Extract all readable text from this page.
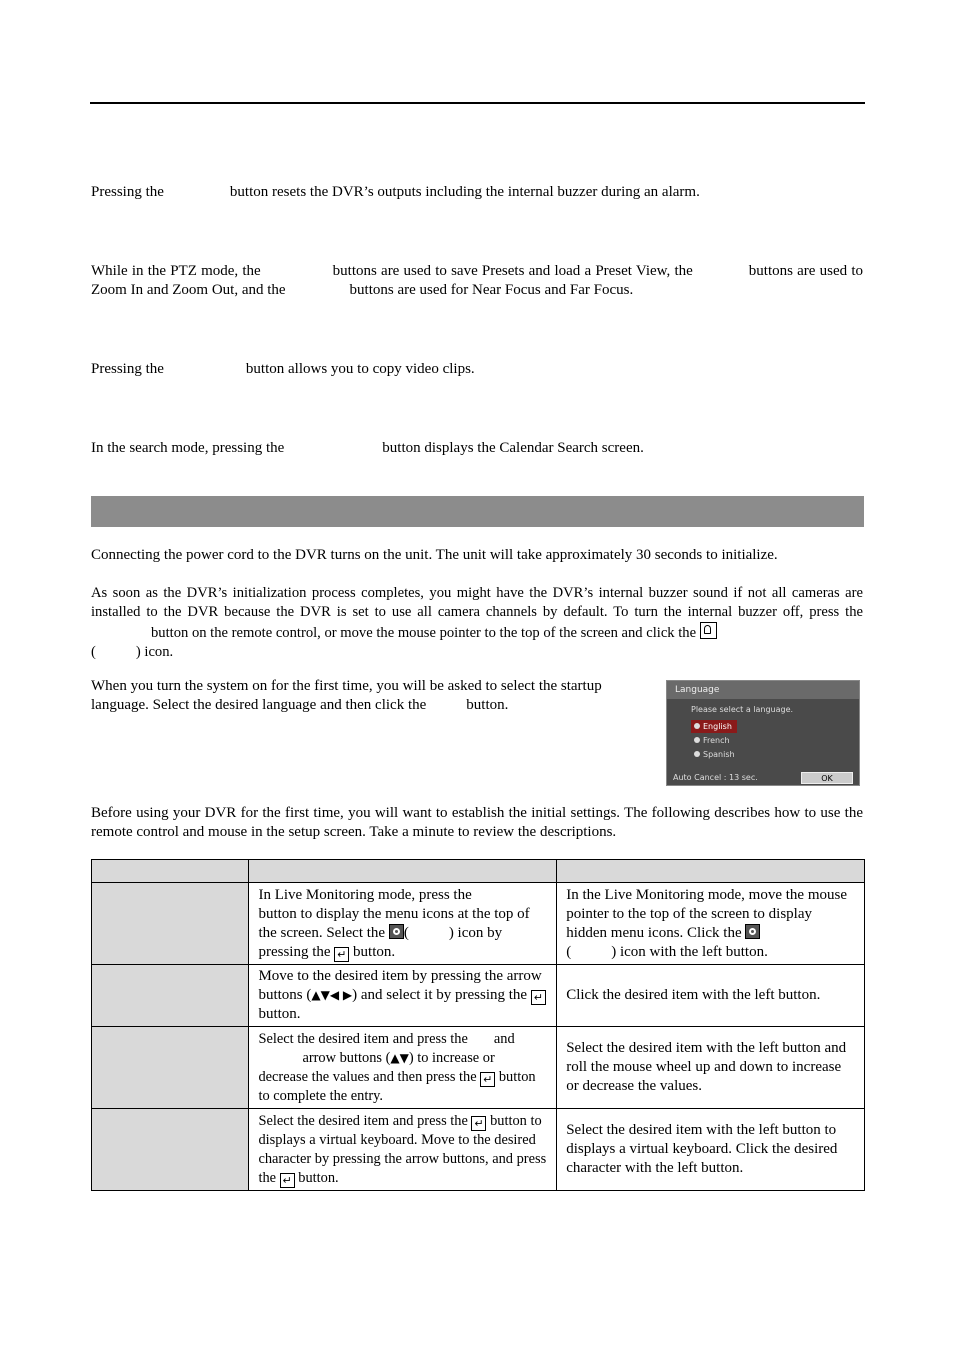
Pressing the	button resets the DVR’s outputs including the internal buzzer during an alarm.

While in the PTZ mode, the	buttons are used to save Presets and load a Preset View, the	buttons are used to Zoom In and Zoom Out, and the	buttons are used for Near Focus and Far Focus.

Pressing the	button allows you to copy video clips.

In the search mode, pressing the	button displays the Calendar Search screen.

Connecting the power cord to the DVR turns on the unit. The unit will take approximately 30 seconds to initialize.

As soon as the DVR’s initialization process completes, you might have the DVR’s internal buzzer sound if not all cameras are installed to the DVR because the DVR is set to use all camera channels by default. To turn the internal buzzer off, press thebutton on the remote control, or move the mouse pointer to the top of the screen and click the
(	) icon.

When you turn the system on for the first time, you will be asked to select the startup language. Select the desired language and then click the	button.

Language
Please select a language.
English
French
Spanish
Auto Cancel : 13 sec.	OK

Before using your DVR for the first time, you will want to establish the initial settings. The following describes how to use the remote control and mouse in the setup screen. Take a minute to review the descriptions.

	In Live Monitoring mode, press the
button to display the menu icons at the top of the screen. Select the ( ) icon by pressing the ↵ button.	In the Live Monitoring mode, move the mouse pointer to the top of the screen to display hidden menu icons. Click the
( ) icon with the left button.
	Move to the desired item by pressing the arrow buttons (▲▼◀ ▶) and select it by pressing the ↵ button.	Click the desired item with the left button.
	Select the desired item and press the and
arrow buttons (▲▼) to increase or decrease the values and then press the ↵ button to complete the entry.	Select the desired item with the left button and roll the mouse wheel up and down to increase or decrease the values.
	Select the desired item and press the ↵ button to displays a virtual keyboard. Move to the desired character by pressing the arrow buttons, and press the ↵ button.	Select the desired item with the left button to displays a virtual keyboard. Click the desired character with the left button.
